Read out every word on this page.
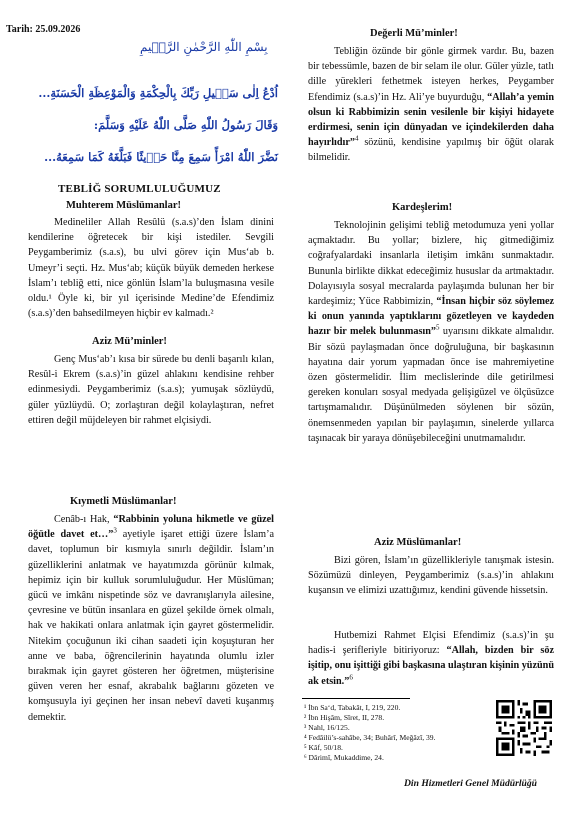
Tarih: 25.09.2026
بِسْمِ اللّٰهِ الرَّحْمٰنِ الرَّح۪يمِ
اُدْعُ اِلٰى سَب۪يلِ رَبِّكَ بِالْحِكْمَةِ وَالْمَوْعِظَةِ الْحَسَنَةِ...
وَقَالَ رَسُولُ اللّٰهِ صَلَّى اللّٰهُ عَلَيْهِ وَسَلَّمَ:
نَضَّرَ اللّٰهُ امْرَأً سَمِعَ مِنَّا حَد۪يثًا فَبَلَّغَهُ كَمَا سَمِعَهُ...
TEBLİĞ SORUMLULUĞUMUZ
Muhterem Müslümanlar!
Medineliler Allah Resûlü (s.a.s)’den İslam dinini kendilerine öğretecek bir kişi istediler. Sevgili Peygamberimiz (s.a.s), bu ulvi görev için Mus‘ab b. Umeyr’i seçti. Hz. Mus‘ab; küçük büyük demeden herkese İslam’ı tebliğ etti, nice gönlün İslam’la buluşmasına vesile oldu.¹ Öyle ki, bir yıl içerisinde Medine’de Efendimiz (s.a.s)’den bahsedilmeyen hiçbir ev kalmadı.²
Aziz Mü’minler!
Genç Mus‘ab’ı kısa bir sürede bu denli başarılı kılan, Resûl-i Ekrem (s.a.s)’in güzel ahlakını kendisine rehber edinmesiydi. Peygamberimiz (s.a.s); yumuşak sözlüydü, güler yüzlüydü. O; zorlaştıran değil kolaylaştıran, nefret ettiren değil müjdeleyen bir rahmet elçisiydi.
Kıymetli Müslümanlar!
Cenâb-ı Hak, “Rabbinin yoluna hikmetle ve güzel öğütle davet et…”$^3$ ayetiyle işaret ettiği üzere İslam’a davet, toplumun bir kısmıyla sınırlı değildir. İslam’ın güzelliklerini anlatmak ve hayatımızda görünür kılmak, hepimiz için bir kulluk sorumluluğudur. Her Müslüman; gücü ve imkânı nispetinde söz ve davranışlarıyla ailesine, çevresine ve bütün insanlara en güzel şekilde örnek olmalı, hak ve hakikati onlara anlatmak için gayret göstermelidir. Nitekim çocuğunun iki cihan saadeti için koşuşturan her anne ve baba, öğrencilerinin hayatında olumlu izler bırakmak için gayret gösteren her öğretmen, müşterisine güven veren her esnaf, akrabalık bağlarını gözeten ve komşusuyla iyi geçinen her insan nebevî daveti kuşanmış demektir.
Değerli Mü’minler!
Tebliğin özünde bir gönle girmek vardır. Bu, bazen bir tebessümle, bazen de bir selam ile olur. Güler yüzle, tatlı dille yürekleri fethetmek isteyen herkes, Peygamber Efendimiz (s.a.s)’in Hz. Ali’ye buyurduğu, “Allah’a yemin olsun ki Rabbimizin senin vesilenle bir kişiyi hidayete erdirmesi, senin için dünyadan ve içindekilerden daha hayırlıdır”$^4$ sözünü, kendisine yapılmış bir öğüt olarak bilmelidir.
Kardeşlerim!
Teknolojinin gelişimi tebliğ metodumuza yeni yollar açmaktadır. Bu yollar; bizlere, hiç gitmediğimiz coğrafyalardaki insanlarla iletişim imkânı sunmaktadır. Bununla birlikte dikkat edeceğimiz hususlar da artmaktadır. Dolayısıyla sosyal mecralarda paylaşımda bulunan her bir kardeşimiz; Yüce Rabbimizin, “İnsan hiçbir söz söylemez ki onun yanında yaptıklarını gözetleyen ve kaydeden hazır bir melek bulunmasın”$^5$ uyarısını dikkate almalıdır. Bir sözü paylaşmadan önce doğruluğuna, bir başkasının hayatına dair yorum yapmadan önce ise mahremiyetine özen göstermelidir. İlim meclislerinde dile getirilmesi gereken konuları sosyal medyada gelişigüzel ve ölçüsüzce tartışmamalıdır. Düşünülmeden söylenen bir sözün, önemsenmeden yapılan bir paylaşımın, sinelerde yıllarca taşınacak bir yaraya dönüşebileceğini unutmamalıdır.
Aziz Müslümanlar!
Bizi gören, İslam’ın güzellikleriyle tanışmak istesin. Sözümüzü dinleyen, Peygamberimiz (s.a.s)’in ahlakını kuşansın ve elimizi uzattığımız, kendini güvende hissetsin.
Hutbemizi Rahmet Elçisi Efendimiz (s.a.s)’in şu hadis-i şerifleriyle bitiriyoruz: “Allah, bizden bir söz işitip, onu işittiği gibi başkasına ulaştıran kişinin yüzünü ak etsin.”$^6$
¹ İbn Sa‘d, Tabakât, I, 219, 220.
² İbn Hişâm, Sîret, II, 278.
³ Nahl, 16/125.
⁴ Fedâilü’s-sahâbe, 34; Buhârî, Meğâzî, 39.
⁵ Kâf, 50/18.
⁶ Dârimî, Mukaddime, 24.
Din Hizmetleri Genel Müdürlüğü
